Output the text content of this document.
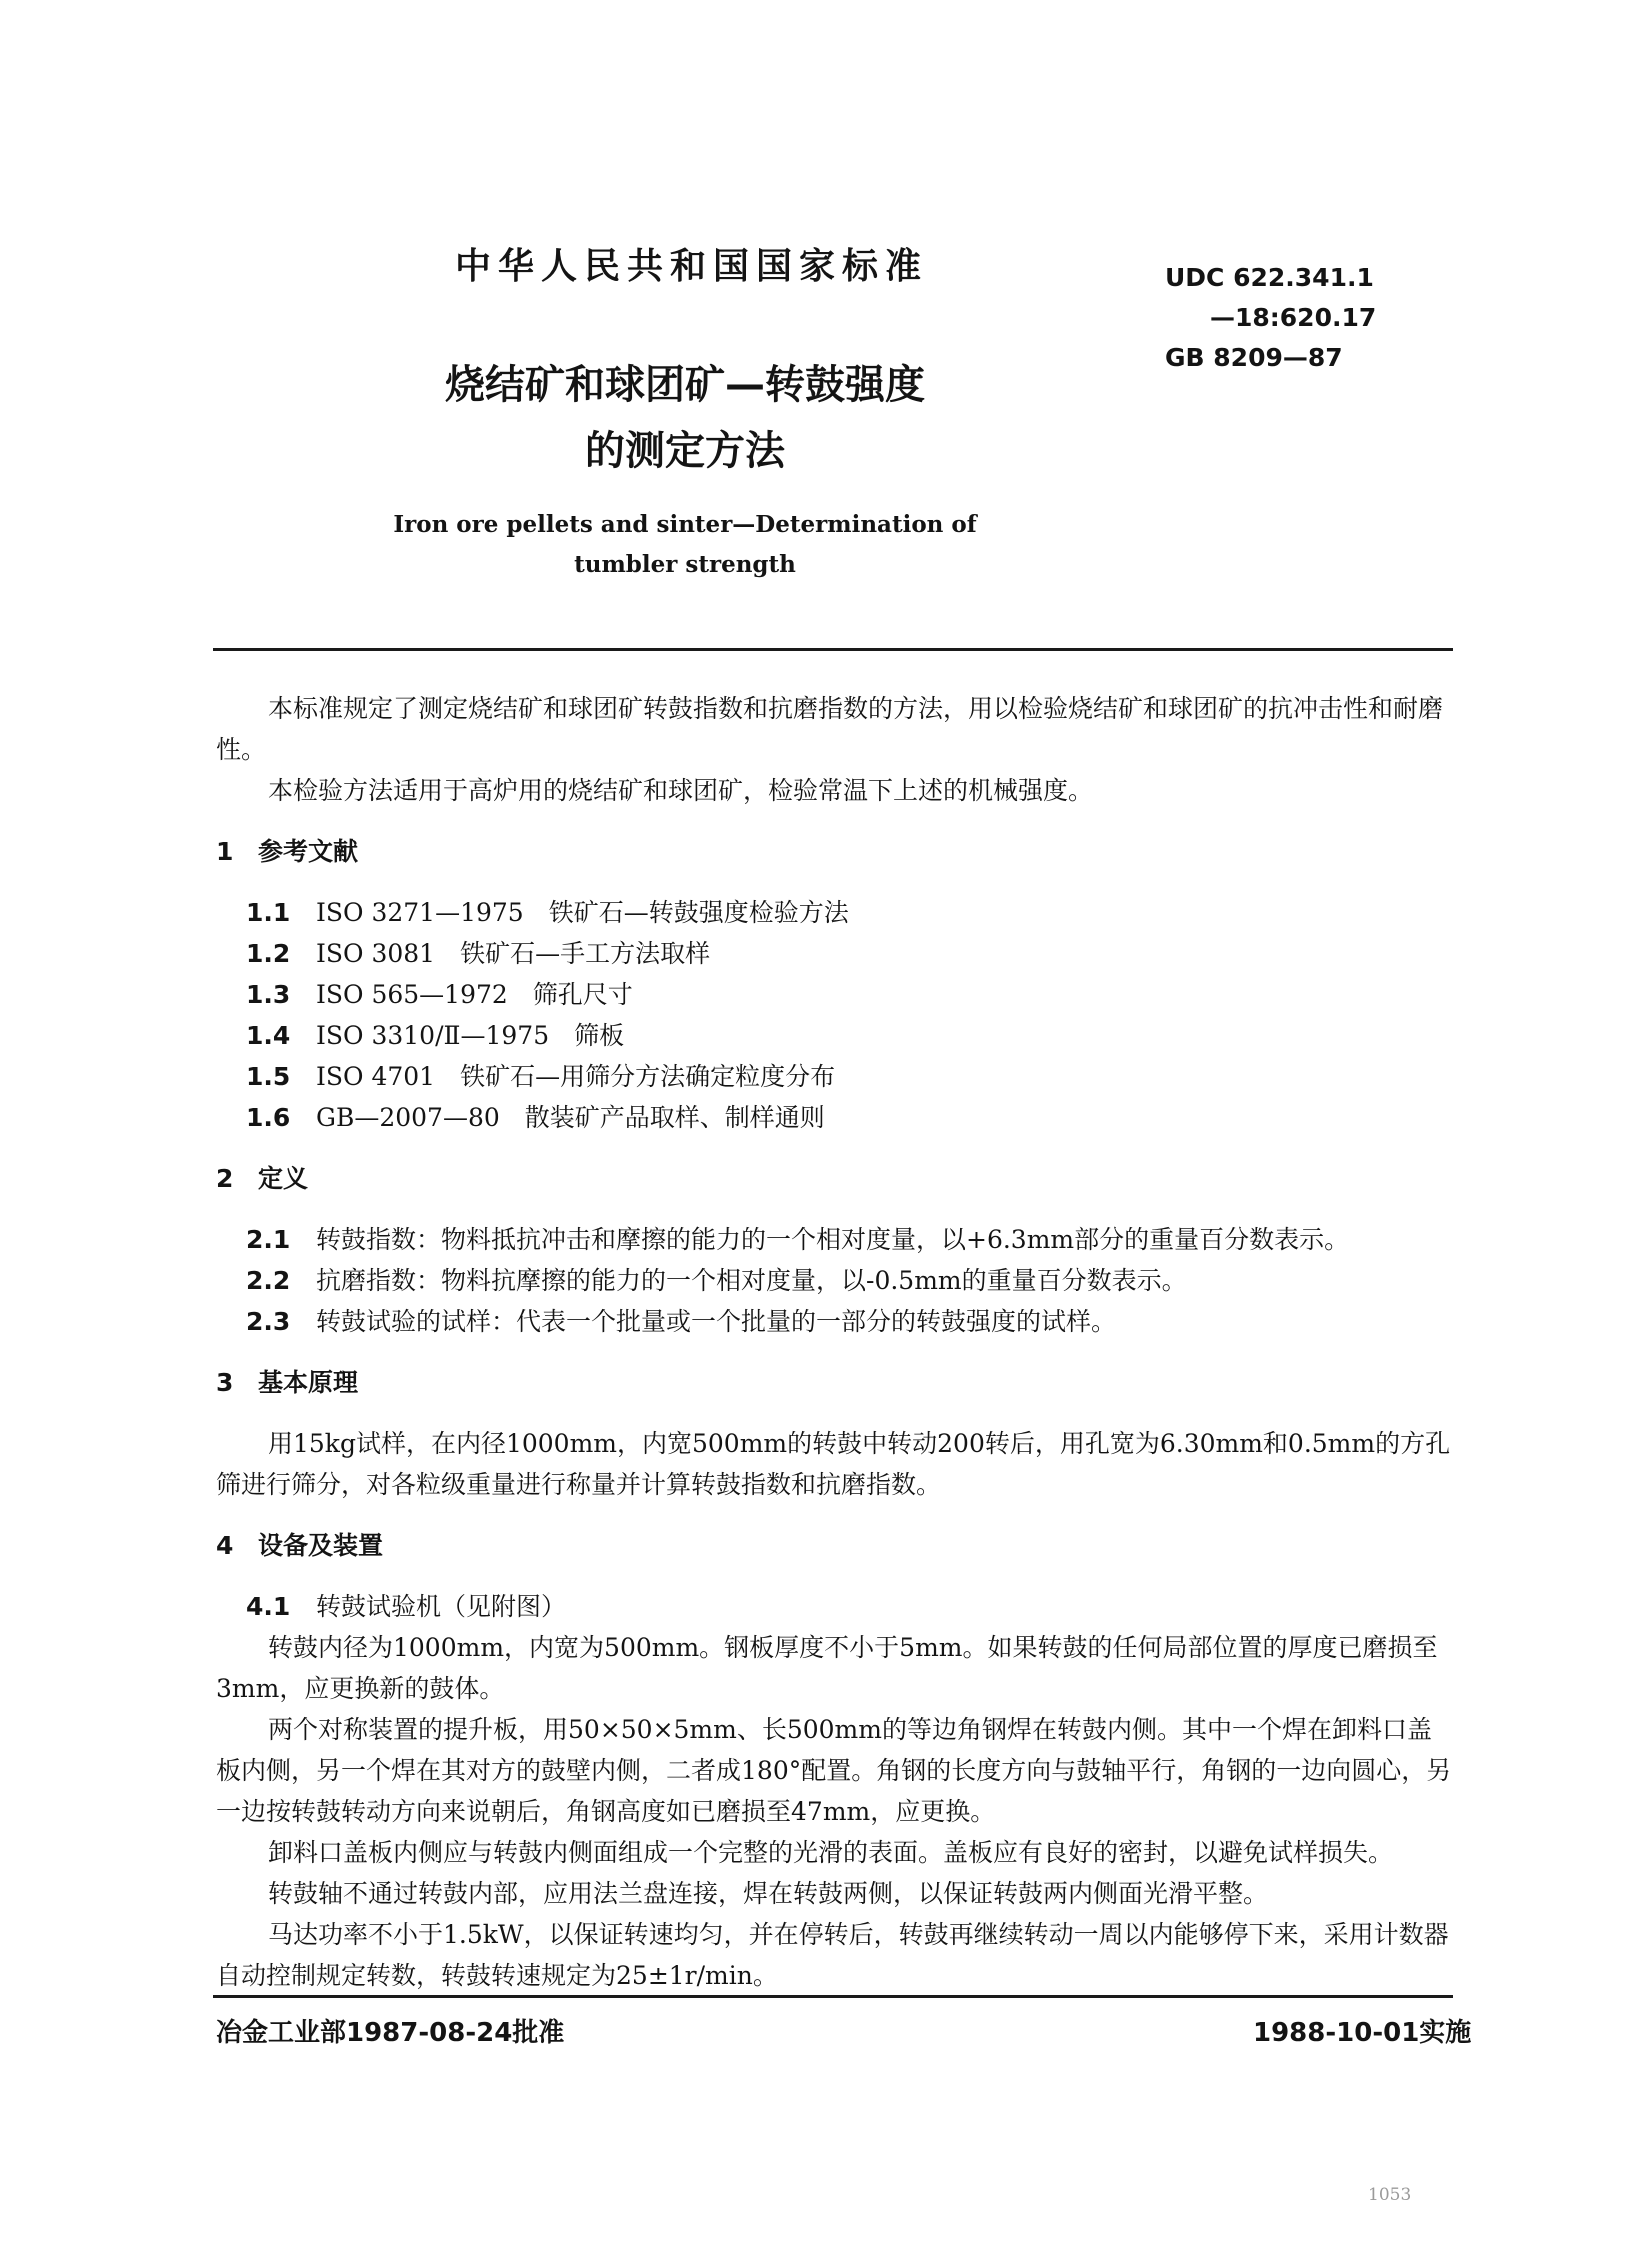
中华人民共和国国家标准	UDC 622.341.1
—18:620.17
GB 8209—87
烧结矿和球团矿—转鼓强度
的测定方法
Iron ore pellets and sinter—Determination of
tumbler strength

本标准规定了测定烧结矿和球团矿转鼓指数和抗磨指数的方法，用以检验烧结矿和球团矿的抗冲击性和耐磨性。

本检验方法适用于高炉用的烧结矿和球团矿，检验常温下上述的机械强度。

1 参考文献

1.1 ISO 3271—1975　铁矿石—转鼓强度检验方法
1.2 ISO 3081　铁矿石—手工方法取样
1.3 ISO 565—1972　筛孔尺寸
1.4 ISO 3310/Ⅱ—1975　筛板
1.5 ISO 4701　铁矿石—用筛分方法确定粒度分布
1.6 GB—2007—80　散装矿产品取样、制样通则

2 定义

2.1 转鼓指数：物料抵抗冲击和摩擦的能力的一个相对度量，以+6.3mm部分的重量百分数表示。
2.2 抗磨指数：物料抗摩擦的能力的一个相对度量，以-0.5mm的重量百分数表示。
2.3 转鼓试验的试样：代表一个批量或一个批量的一部分的转鼓强度的试样。

3 基本原理

用15kg试样，在内径1000mm，内宽500mm的转鼓中转动200转后，用孔宽为6.30mm和0.5mm的方孔筛进行筛分，对各粒级重量进行称量并计算转鼓指数和抗磨指数。

4 设备及装置

4.1 转鼓试验机（见附图）

转鼓内径为1000mm，内宽为500mm。钢板厚度不小于5mm。如果转鼓的任何局部位置的厚度已磨损至3mm，应更换新的鼓体。

两个对称装置的提升板，用50×50×5mm、长500mm的等边角钢焊在转鼓内侧。其中一个焊在卸料口盖板内侧，另一个焊在其对方的鼓壁内侧，二者成180°配置。角钢的长度方向与鼓轴平行，角钢的一边向圆心，另一边按转鼓转动方向来说朝后，角钢高度如已磨损至47mm，应更换。

卸料口盖板内侧应与转鼓内侧面组成一个完整的光滑的表面。盖板应有良好的密封，以避免试样损失。

转鼓轴不通过转鼓内部，应用法兰盘连接，焊在转鼓两侧，以保证转鼓两内侧面光滑平整。

马达功率不小于1.5kW，以保证转速均匀，并在停转后，转鼓再继续转动一周以内能够停下来，采用计数器自动控制规定转数，转鼓转速规定为25±1r/min。

冶金工业部1987-08-24批准	1988-10-01实施
1053
